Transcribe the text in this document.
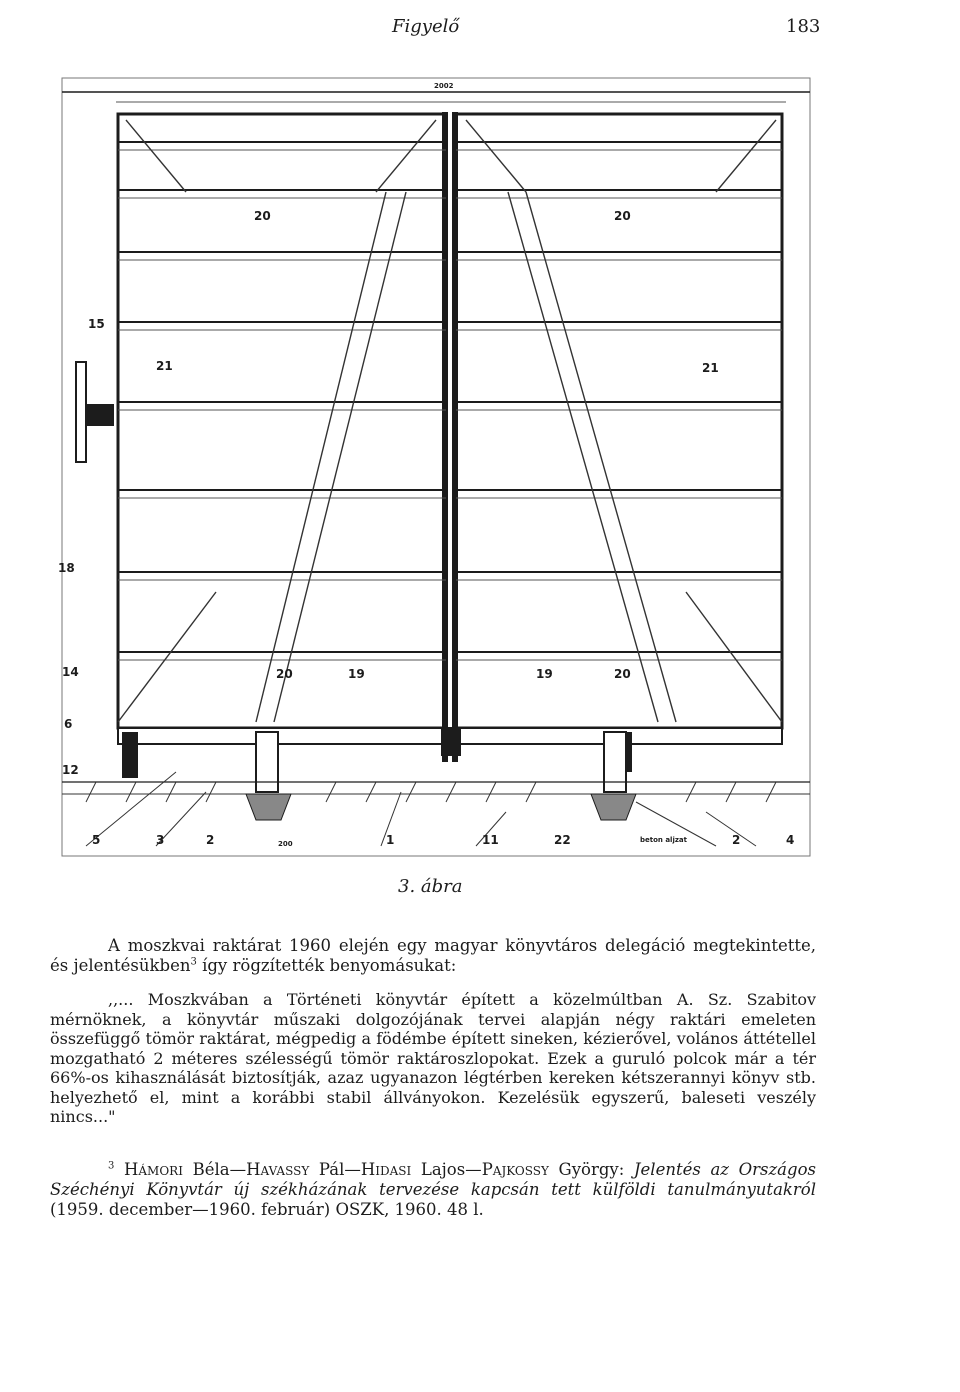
Figyelő	183
2002
20	20
15
21	21
18
14	20	19	19	20
6
12
5	3	2	200	1	11	22	beton aljzat	2	4
3. ábra

A moszkvai raktárat 1960 elején egy magyar könyvtáros delegáció megtekintette, és jelentésükben$^3$ így rögzítették benyomásukat:

,,... Moszkvában a Történeti könyvtár épített a közelmúltban A. Sz. Szabitov mérnöknek, a könyvtár műszaki dolgozójának tervei alapján négy raktári emeleten összefüggő tömör raktárat, mégpedig a födémbe épített sineken, kézierővel, volános áttétellel mozgatható 2 méteres szélességű tömör raktároszlopokat. Ezek a guruló polcok már a tér 66%-os kihasználását biztosítják, azaz ugyanazon légtérben kereken kétszerannyi könyv stb. helyezhető el, mint a korábbi stabil állványokon. Kezelésük egyszerű, baleseti veszély nincs..."

$^3$ Hámori Béla—Havassy Pál—Hidasi Lajos—Pajkossy György: Jelentés az Országos Széchényi Könyvtár új székházának tervezése kapcsán tett külföldi tanulmányutakról (1959. december—1960. február) OSZK, 1960. 48 l.
